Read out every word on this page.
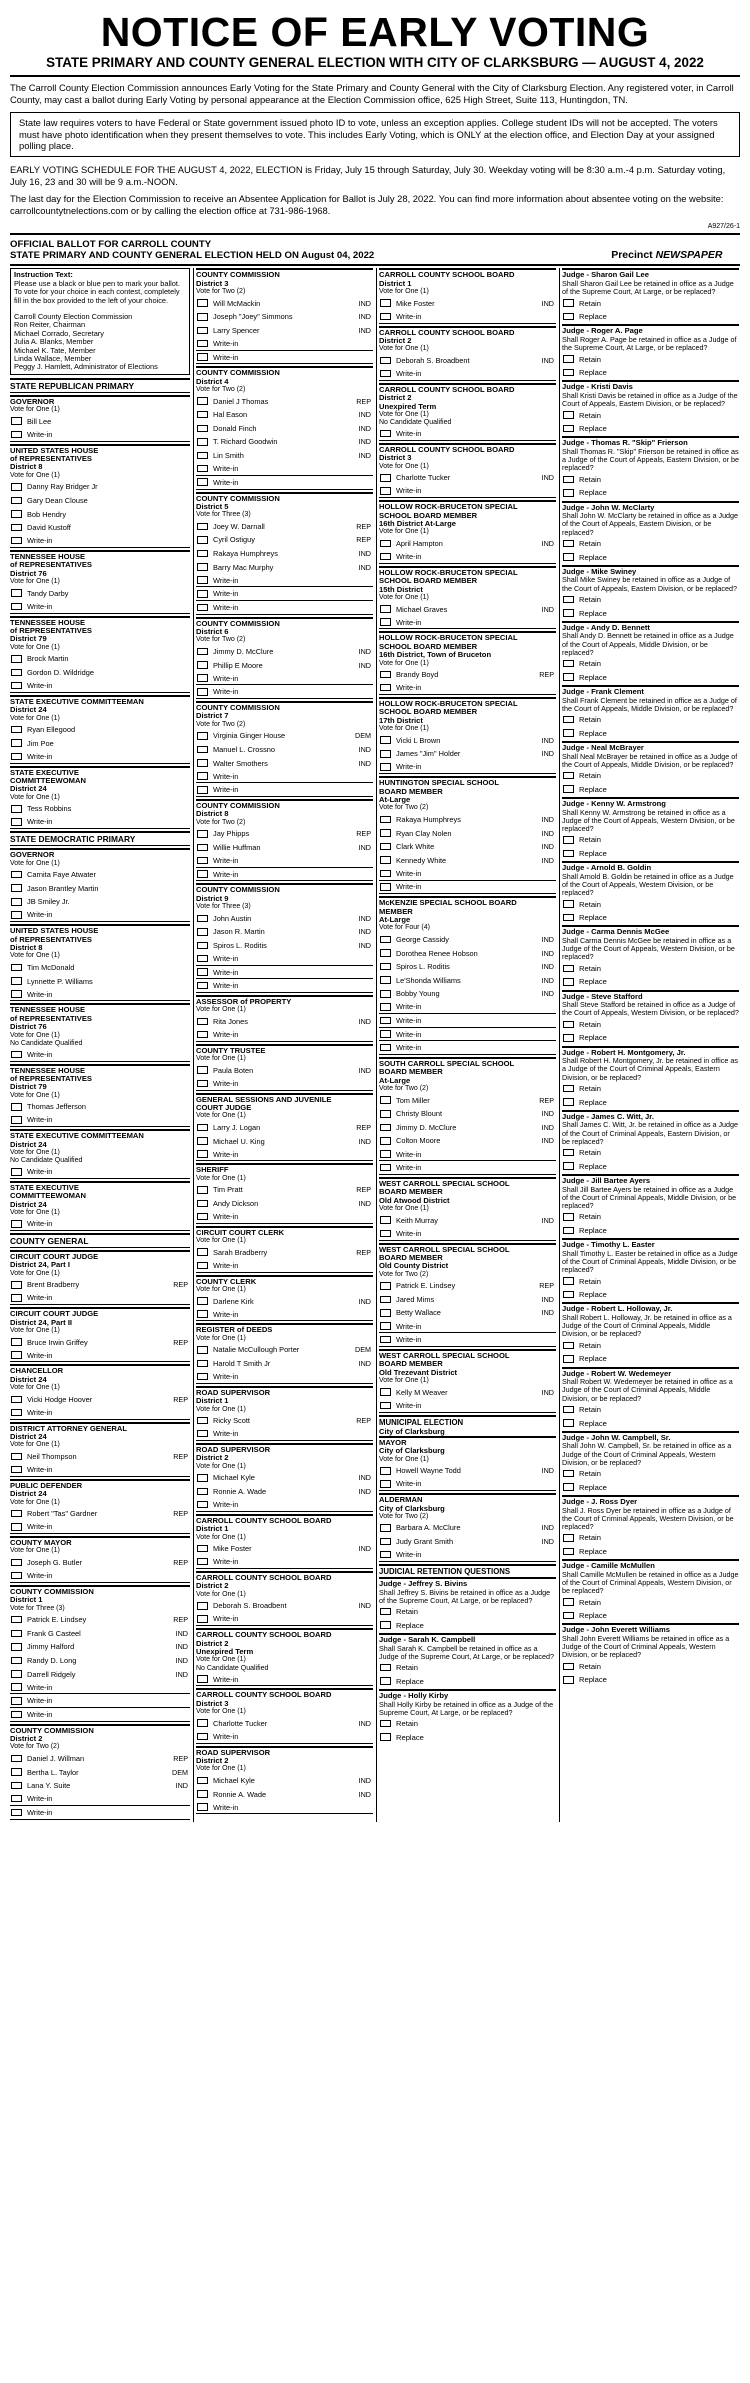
NOTICE OF EARLY VOTING
STATE PRIMARY AND COUNTY GENERAL ELECTION WITH CITY OF CLARKSBURG — AUGUST 4, 2022
The Carroll County Election Commission announces Early Voting for the State Primary and County General with the City of Clarksburg Election. Any registered voter, in Carroll County, may cast a ballot during Early Voting by personal appearance at the Election Commission office, 625 High Street, Suite 113, Huntingdon, TN.
State law requires voters to have Federal or State government issued photo ID to vote, unless an exception applies. College student IDs will not be accepted. The voters must have photo identification when they present themselves to vote. This includes Early Voting, which is ONLY at the election office, and Election Day at your assigned polling place.
EARLY VOTING SCHEDULE FOR THE AUGUST 4, 2022, ELECTION is Friday, July 15 through Saturday, July 30. Weekday voting will be 8:30 a.m.-4 p.m. Saturday voting, July 16, 23 and 30 will be 9 a.m.-NOON.
The last day for the Election Commission to receive an Absentee Application for Ballot is July 28, 2022. You can find more information about absentee voting on the website: carrollcountytnelections.com or by calling the election office at 731-986-1968.
A927/26-1
OFFICIAL BALLOT FOR CARROLL COUNTY
STATE PRIMARY AND COUNTY GENERAL ELECTION HELD ON August 04, 2022	Precinct NEWSPAPER
Instruction Text:
Please use a black or blue pen to mark your ballot. To vote for your choice in each contest, completely fill in the box provided to the left of your choice.
Carroll County Election Commission
Ron Reiter, Chairman
Michael Corrado, Secretary
Julia A. Blanks, Member
Michael K. Tate, Member
Linda Wallace, Member
Peggy J. Hamlett, Administrator of Elections
STATE REPUBLICAN PRIMARY
GOVERNOR
Vote for One (1)
Bill Lee
Write-in
UNITED STATES HOUSE
of REPRESENTATIVES
District 8
Vote for One (1)
Danny Ray Bridger Jr
Gary Dean Clouse
Bob Hendry
David Kustoff
Write-in
TENNESSEE HOUSE
of REPRESENTATIVES
District 76
Vote for One (1)
Tandy Darby
Write-in
TENNESSEE HOUSE
of REPRESENTATIVES
District 79
Vote for One (1)
Brock Martin
Gordon D. Wildridge
Write-in
STATE EXECUTIVE COMMITTEEMAN
District 24
Vote for One (1)
Ryan Ellegood
Jim Poe
Write-in
STATE EXECUTIVE
COMMITTEEWOMAN
District 24
Vote for One (1)
Tess Robbins
Write-in
STATE DEMOCRATIC PRIMARY
GOVERNOR
Vote for One (1)
Carnita Faye Atwater
Jason Brantley Martin
JB Smiley Jr.
Write-in
UNITED STATES HOUSE
of REPRESENTATIVES
District 8
Vote for One (1)
Tim McDonald
Lynnette P. Williams
Write-in
TENNESSEE HOUSE
of REPRESENTATIVES
District 76
Vote for One (1)
No Candidate Qualified
Write-in
TENNESSEE HOUSE
of REPRESENTATIVES
District 79
Vote for One (1)
Thomas Jefferson
Write-in
STATE EXECUTIVE COMMITTEEMAN
District 24
Vote for One (1)
No Candidate Qualified
Write-in
STATE EXECUTIVE
COMMITTEEWOMAN
District 24
Vote for One (1)
Write-in
COUNTY GENERAL
CIRCUIT COURT JUDGE
District 24, Part I
Vote for One (1)
Brent Bradberry	REP
Write-in
CIRCUIT COURT JUDGE
District 24, Part II
Vote for One (1)
Bruce Irwin Griffey	REP
Write-in
CHANCELLOR
District 24
Vote for One (1)
Vicki Hodge Hoover	REP
Write-in
DISTRICT ATTORNEY GENERAL
District 24
Vote for One (1)
Neil Thompson	REP
Write-in
PUBLIC DEFENDER
District 24
Vote for One (1)
Robert "Tas" Gardner	REP
Write-in
COUNTY MAYOR
Vote for One (1)
Joseph G. Butler	REP
Write-in
COUNTY COMMISSION
District 1
Vote for Three (3)
Patrick E. Lindsey	REP
Frank G Casteel	IND
Jimmy Halford	IND
Randy D. Long	IND
Darrell Ridgely	IND
Write-in
Write-in
Write-in
COUNTY COMMISSION
District 2
Vote for Two (2)
Daniel J. Willman	REP
Bertha L. Taylor	DEM
Lana Y. Suite	IND
Write-in
Write-in
COUNTY COMMISSION
District 3
Vote for Two (2)
Will McMackin	IND
Joseph "Joey" Simmons	IND
Larry Spencer	IND
Write-in
Write-in
COUNTY COMMISSION
District 4
Vote for Two (2)
Daniel J Thomas	REP
Hal Eason	IND
Donald Finch	IND
T. Richard Goodwin	IND
Lin Smith	IND
Write-in
Write-in
COUNTY COMMISSION
District 5
Vote for Three (3)
Joey W. Darnall	REP
Cyril Ostiguy	REP
Rakaya Humphreys	IND
Barry Mac Murphy	IND
Write-in
Write-in
Write-in
COUNTY COMMISSION
District 6
Vote for Two (2)
Jimmy D. McClure	IND
Phillip E Moore	IND
Write-in
Write-in
COUNTY COMMISSION
District 7
Vote for Two (2)
Virginia Ginger House	DEM
Manuel L. Crossno	IND
Walter Smothers	IND
Write-in
Write-in
COUNTY COMMISSION
District 8
Vote for Two (2)
Jay Phipps	REP
Willie Huffman	IND
Write-in
Write-in
COUNTY COMMISSION
District 9
Vote for Three (3)
John Austin	IND
Jason R. Martin	IND
Spiros L. Roditis	IND
Write-in
Write-in
Write-in
ASSESSOR of PROPERTY
Vote for One (1)
Rita Jones	IND
Write-in
COUNTY TRUSTEE
Vote for One (1)
Paula Boten	IND
Write-in
GENERAL SESSIONS AND JUVENILE
COURT JUDGE
Vote for One (1)
Larry J. Logan	REP
Michael U. King	IND
Write-in
SHERIFF
Vote for One (1)
Tim Pratt	REP
Andy Dickson	IND
Write-in
CIRCUIT COURT CLERK
Vote for One (1)
Sarah Bradberry	REP
Write-in
COUNTY CLERK
Vote for One (1)
Darlene Kirk	IND
Write-in
REGISTER of DEEDS
Vote for One (1)
Natalie McCullough Porter	DEM
Harold T Smith Jr	IND
Write-in
ROAD SUPERVISOR
District 1
Vote for One (1)
Ricky Scott	REP
Write-in
ROAD SUPERVISOR
District 2
Vote for One (1)
Michael Kyle	IND
Ronnie A. Wade	IND
Write-in
CARROLL COUNTY SCHOOL BOARD
District 1
Vote for One (1)
Mike Foster	IND
Write-in
CARROLL COUNTY SCHOOL BOARD
District 2
Vote for One (1)
Deborah S. Broadbent	IND
Write-in
CARROLL COUNTY SCHOOL BOARD
District 2
Unexpired Term
Vote for One (1)
No Candidate Qualified
Write-in
CARROLL COUNTY SCHOOL BOARD
District 3
Vote for One (1)
Charlotte Tucker	IND
Write-in
ROAD SUPERVISOR
District 2
Vote for One (1)
Michael Kyle	IND
Ronnie A. Wade	IND
Write-in
CARROLL COUNTY SCHOOL BOARD
District 1
Vote for One (1)
Mike Foster	IND
Write-in
CARROLL COUNTY SCHOOL BOARD
District 2
Vote for One (1)
Deborah S. Broadbent	IND
Write-in
CARROLL COUNTY SCHOOL BOARD
District 2
Unexpired Term
Vote for One (1)
No Candidate Qualified
Write-in
CARROLL COUNTY SCHOOL BOARD
District 3
Vote for One (1)
Charlotte Tucker	IND
Write-in
HOLLOW ROCK-BRUCETON SPECIAL
SCHOOL BOARD MEMBER
16th District At-Large
Vote for One (1)
April Hampton	IND
Write-in
HOLLOW ROCK-BRUCETON SPECIAL
SCHOOL BOARD MEMBER
15th District
Vote for One (1)
Michael Graves	IND
Write-in
HOLLOW ROCK-BRUCETON SPECIAL
SCHOOL BOARD MEMBER
16th District, Town of Bruceton
Vote for One (1)
Brandy Boyd	REP
Write-in
HOLLOW ROCK-BRUCETON SPECIAL
SCHOOL BOARD MEMBER
17th District
Vote for One (1)
Vicki L Brown	IND
James "Jim" Holder	IND
Write-in
HUNTINGTON SPECIAL SCHOOL
BOARD MEMBER
At-Large
Vote for Two (2)
Rakaya Humphreys	IND
Ryan Clay Nolen	IND
Clark White	IND
Kennedy White	IND
Write-in
Write-in
McKENZIE SPECIAL SCHOOL BOARD
MEMBER
At-Large
Vote for Four (4)
George Cassidy	IND
Dorothea Renee Hobson	IND
Spiros L. Roditis	IND
Le'Shonda Williams	IND
Bobby Young	IND
Write-in
Write-in
Write-in
Write-in
SOUTH CARROLL SPECIAL SCHOOL
BOARD MEMBER
At-Large
Vote for Two (2)
Tom Miller	REP
Christy Blount	IND
Jimmy D. McClure	IND
Colton Moore	IND
Write-in
Write-in
WEST CARROLL SPECIAL SCHOOL
BOARD MEMBER
Old Atwood District
Vote for One (1)
Keith Murray	IND
Write-in
WEST CARROLL SPECIAL SCHOOL
BOARD MEMBER
Old County District
Vote for Two (2)
Patrick E. Lindsey	REP
Jared Mims	IND
Betty Wallace	IND
Write-in
Write-in
WEST CARROLL SPECIAL SCHOOL
BOARD MEMBER
Old Trezevant District
Vote for One (1)
Kelly M Weaver	IND
Write-in
MUNICIPAL ELECTION
City of Clarksburg
MAYOR
City of Clarksburg
Vote for One (1)
Howell Wayne Todd	IND
Write-in
ALDERMAN
City of Clarksburg
Vote for Two (2)
Barbara A. McClure	IND
Judy Grant Smith	IND
Write-in
JUDICIAL RETENTION QUESTIONS
Judge - Jeffrey S. Bivins
Shall Jeffrey S. Bivins be retained in office as a Judge of the Supreme Court, At Large, or be replaced?
Retain
Replace
Judge - Sarah K. Campbell
Shall Sarah K. Campbell be retained in office as a Judge of the Supreme Court, At Large, or be replaced?
Retain
Replace
Judge - Holly Kirby
Shall Holly Kirby be retained in office as a Judge of the Supreme Court, At Large, or be replaced?
Retain
Replace
Judge - Sharon Gail Lee
Shall Sharon Gail Lee be retained in office as a Judge of the Supreme Court, At Large, or be replaced?
Retain
Replace
Judge - Roger A. Page
Shall Roger A. Page be retained in office as a Judge of the Supreme Court, At Large, or be replaced?
Retain
Replace
Judge - Kristi Davis
Shall Kristi Davis be retained in office as a Judge of the Court of Appeals, Eastern Division, or be replaced?
Retain
Replace
Judge - Thomas R. "Skip" Frierson
Shall Thomas R. "Skip" Frierson be retained in office as a Judge of the Court of Appeals, Eastern Division, or be replaced?
Retain
Replace
Judge - John W. McClarty
Shall John W. McClarty be retained in office as a Judge of the Court of Appeals, Eastern Division, or be replaced?
Retain
Replace
Judge - Mike Swiney
Shall Mike Swiney be retained in office as a Judge of the Court of Appeals, Eastern Division, or be replaced?
Retain
Replace
Judge - Andy D. Bennett
Shall Andy D. Bennett be retained in office as a Judge of the Court of Appeals, Middle Division, or be replaced?
Retain
Replace
Judge - Frank Clement
Shall Frank Clement be retained in office as a Judge of the Court of Appeals, Middle Division, or be replaced?
Retain
Replace
Judge - Neal McBrayer
Shall Neal McBrayer be retained in office as a Judge of the Court of Appeals, Middle Division, or be replaced?
Retain
Replace
Judge - Kenny W. Armstrong
Shall Kenny W. Armstrong be retained in office as a Judge of the Court of Appeals, Western Division, or be replaced?
Retain
Replace
Judge - Arnold B. Goldin
Shall Arnold B. Goldin be retained in office as a Judge of the Court of Appeals, Western Division, or be replaced?
Retain
Replace
Judge - Carma Dennis McGee
Shall Carma Dennis McGee be retained in office as a Judge of the Court of Appeals, Western Division, or be replaced?
Retain
Replace
Judge - Steve Stafford
Shall Steve Stafford be retained in office as a Judge of the Court of Appeals, Western Division, or be replaced?
Retain
Replace
Judge - Robert H. Montgomery, Jr.
Shall Robert H. Montgomery, Jr. be retained in office as a Judge of the Court of Criminal Appeals, Eastern Division, or be replaced?
Retain
Replace
Judge - James C. Witt, Jr.
Shall James C. Witt, Jr. be retained in office as a Judge of the Court of Criminal Appeals, Eastern Division, or be replaced?
Retain
Replace
Judge - Jill Bartee Ayers
Shall Jill Bartee Ayers be retained in office as a Judge of the Court of Criminal Appeals, Middle Division, or be replaced?
Retain
Replace
Judge - Timothy L. Easter
Shall Timothy L. Easter be retained in office as a Judge of the Court of Criminal Appeals, Middle Division, or be replaced?
Retain
Replace
Judge - Robert L. Holloway, Jr.
Shall Robert L. Holloway, Jr. be retained in office as a Judge of the Court of Criminal Appeals, Middle Division, or be replaced?
Retain
Replace
Judge - Robert W. Wedemeyer
Shall Robert W. Wedemeyer be retained in office as a Judge of the Court of Criminal Appeals, Middle Division, or be replaced?
Retain
Replace
Judge - John W. Campbell, Sr.
Shall John W. Campbell, Sr. be retained in office as a Judge of the Court of Criminal Appeals, Western Division, or be replaced?
Retain
Replace
Judge - J. Ross Dyer
Shall J. Ross Dyer be retained in office as a Judge of the Court of Criminal Appeals, Western Division, or be replaced?
Retain
Replace
Judge - Camille McMullen
Shall Camille McMullen be retained in office as a Judge of the Court of Criminal Appeals, Western Division, or be replaced?
Retain
Replace
Judge - John Everett Williams
Shall John Everett Williams be retained in office as a Judge of the Court of Criminal Appeals, Western Division, or be replaced?
Retain
Replace
